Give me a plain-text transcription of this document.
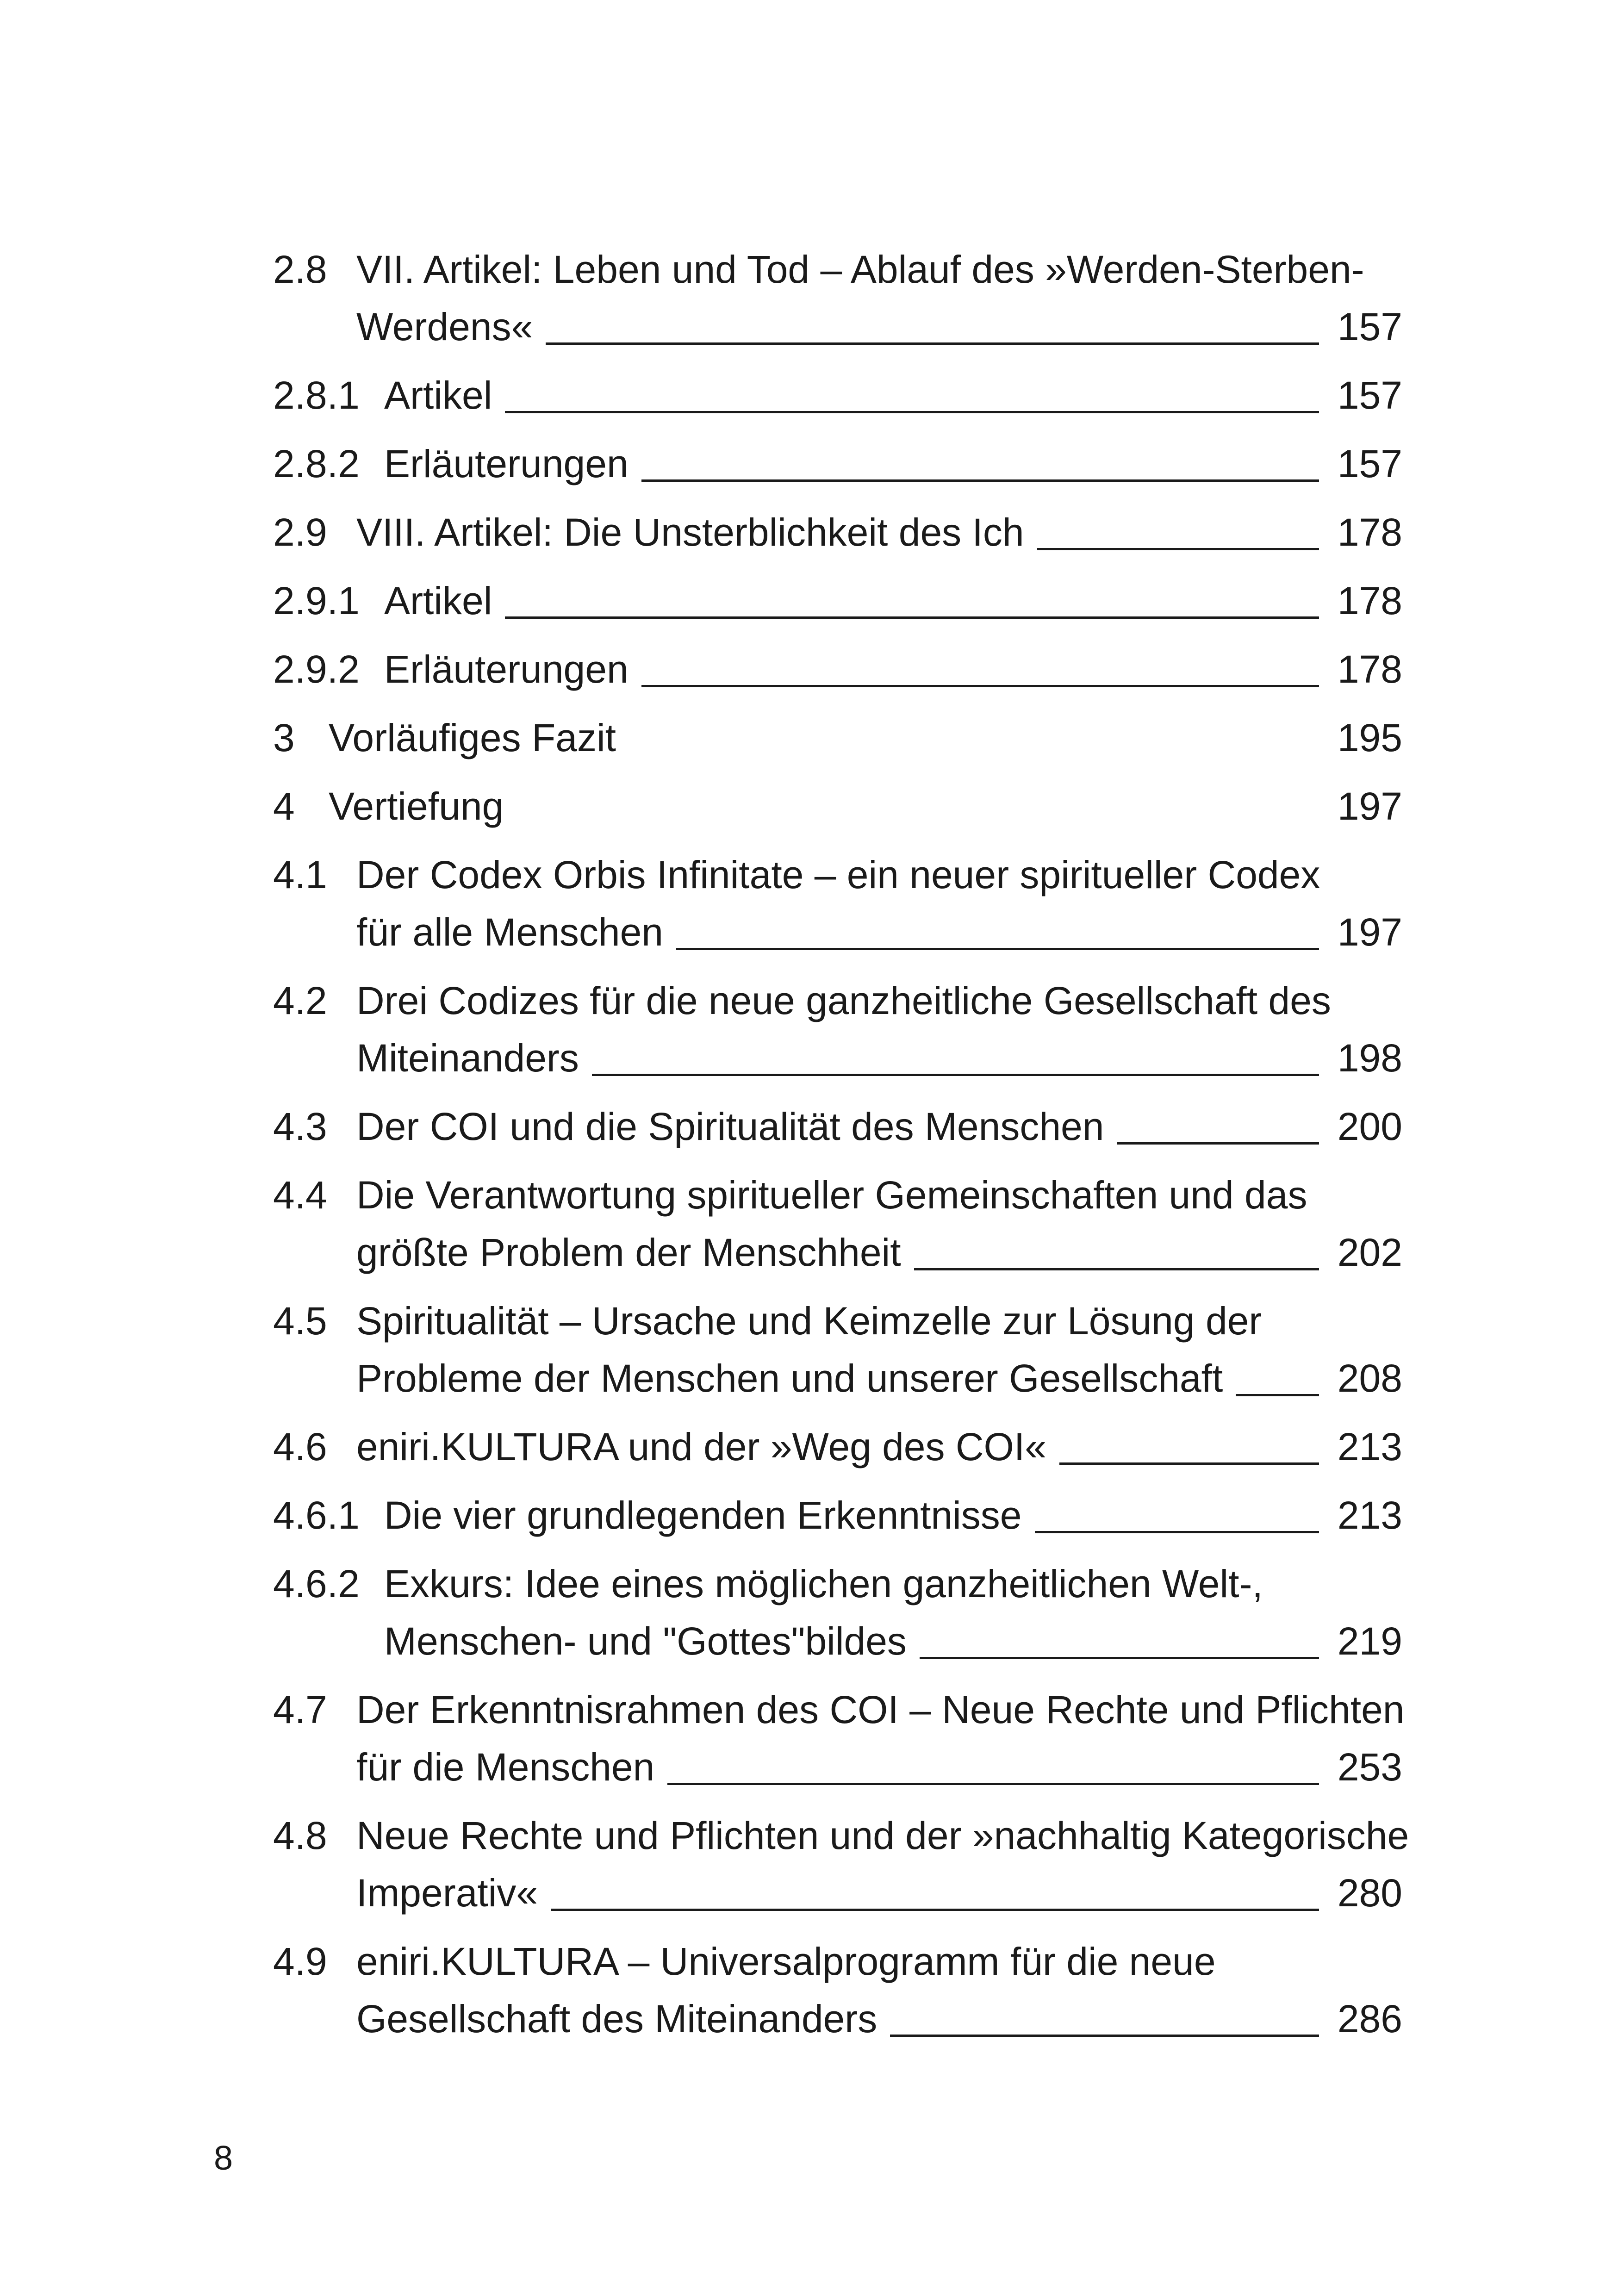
2.8 VII. Artikel: Leben und Tod – Ablauf des »Werden-Sterben-
Werdens«	157
2.8.1 Artikel	157
2.8.2 Erläuterungen	157
2.9 VIII. Artikel: Die Unsterblichkeit des Ich	178
2.9.1 Artikel	178
2.9.2 Erläuterungen	178
3 Vorläufiges Fazit	195
4 Vertiefung	197
4.1 Der Codex Orbis Infinitate – ein neuer spiritueller Codex
für alle Menschen	197
4.2 Drei Codizes für die neue ganzheitliche Gesellschaft des
Miteinanders	198
4.3 Der COI und die Spiritualität des Menschen	200
4.4 Die Verantwortung spiritueller Gemeinschaften und das
größte Problem der Menschheit	202
4.5 Spiritualität – Ursache und Keimzelle zur Lösung der
Probleme der Menschen und unserer Gesellschaft	208
4.6 eniri.KULTURA und der »Weg des COI«	213
4.6.1 Die vier grundlegenden Erkenntnisse	213
4.6.2 Exkurs: Idee eines möglichen ganzheitlichen Welt-,
Menschen- und "Gottes"bildes	219
4.7 Der Erkenntnisrahmen des COI – Neue Rechte und Pflichten
für die Menschen	253
4.8 Neue Rechte und Pflichten und der »nachhaltig Kategorische
Imperativ«	280
4.9 eniri.KULTURA – Universalprogramm für die neue
Gesellschaft des Miteinanders	286
8
